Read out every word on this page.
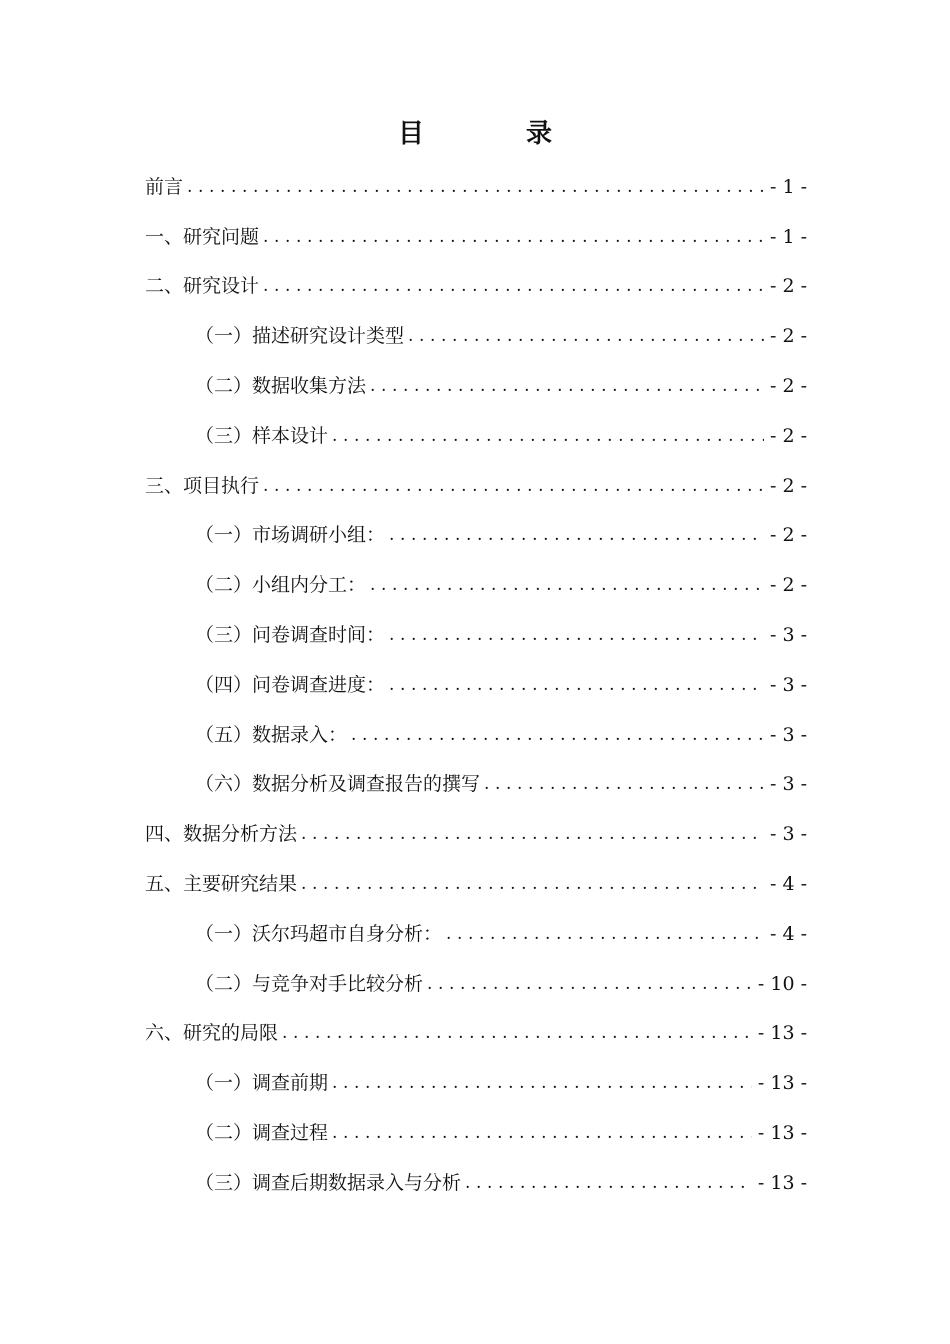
目　录
前言 .....	- 1 -
一、研究问题 .....	- 1 -
二、研究设计 .....	- 2 -
（一）描述研究设计类型 .....	- 2 -
（二）数据收集方法 .....	- 2 -
（三）样本设计 .....	- 2 -
三、项目执行 .....	- 2 -
（一）市场调研小组： .....	- 2 -
（二）小组内分工： .....	- 2 -
（三）问卷调查时间： .....	- 3 -
（四）问卷调查进度： .....	- 3 -
（五）数据录入： .....	- 3 -
（六）数据分析及调查报告的撰写 .....	- 3 -
四、数据分析方法 .....	- 3 -
五、主要研究结果 .....	- 4 -
（一）沃尔玛超市自身分析： .....	- 4 -
（二）与竞争对手比较分析 .....	- 10 -
六、研究的局限 .....	- 13 -
（一）调查前期 .....	- 13 -
（二）调查过程 .....	- 13 -
（三）调查后期数据录入与分析 .....	- 13 -
